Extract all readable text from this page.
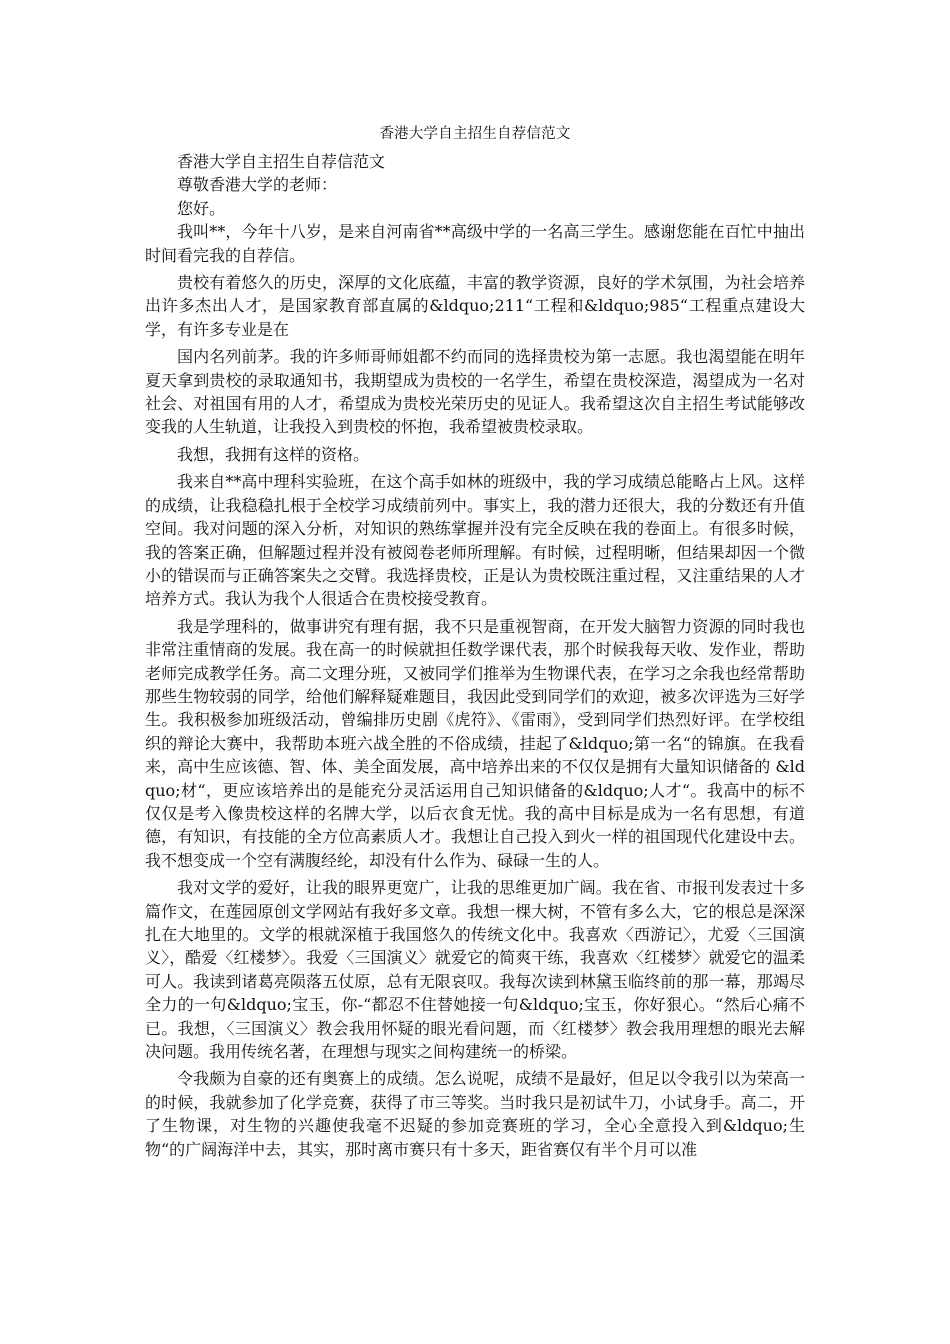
香港大学自主招生自荐信范文

香港大学自主招生自荐信范文

尊敬香港大学的老师：

您好。

我叫**，今年十八岁，是来自河南省**高级中学的一名高三学生。感谢您能在百忙中抽出时间看完我的自荐信。

贵校有着悠久的历史，深厚的文化底蕴，丰富的教学资源，良好的学术氛围，为社会培养出许多杰出人才，是国家教育部直属的&ldquo;211“工程和&ldquo;985“工程重点建设大学，有许多专业是在

国内名列前茅。我的许多师哥师姐都不约而同的选择贵校为第一志愿。我也渴望能在明年夏天拿到贵校的录取通知书，我期望成为贵校的一名学生，希望在贵校深造，渴望成为一名对社会、对祖国有用的人才，希望成为贵校光荣历史的见证人。我希望这次自主招生考试能够改变我的人生轨道，让我投入到贵校的怀抱，我希望被贵校录取。

我想，我拥有这样的资格。

我来自**高中理科实验班，在这个高手如林的班级中，我的学习成绩总能略占上风。这样的成绩，让我稳稳扎根于全校学习成绩前列中。事实上，我的潜力还很大，我的分数还有升值空间。我对问题的深入分析，对知识的熟练掌握并没有完全反映在我的卷面上。有很多时候，我的答案正确，但解题过程并没有被阅卷老师所理解。有时候，过程明晰，但结果却因一个微小的错误而与正确答案失之交臂。我选择贵校，正是认为贵校既注重过程，又注重结果的人才培养方式。我认为我个人很适合在贵校接受教育。

我是学理科的，做事讲究有理有据，我不只是重视智商，在开发大脑智力资源的同时我也非常注重情商的发展。我在高一的时候就担任数学课代表，那个时候我每天收、发作业，帮助老师完成教学任务。高二文理分班，又被同学们推举为生物课代表，在学习之余我也经常帮助那些生物较弱的同学，给他们解释疑难题目，我因此受到同学们的欢迎，被多次评选为三好学生。我积极参加班级活动，曾编排历史剧《虎符》、《雷雨》，受到同学们热烈好评。在学校组织的辩论大赛中，我帮助本班六战全胜的不俗成绩，挂起了&ldquo;第一名“的锦旗。在我看来，高中生应该德、智、体、美全面发展，高中培养出来的不仅仅是拥有大量知识储备的 &ldquo;材“，更应该培养出的是能充分灵活运用自己知识储备的&ldquo;人才“。我高中的标不仅仅是考入像贵校这样的名牌大学，以后衣食无忧。我的高中目标是成为一名有思想，有道德，有知识，有技能的全方位高素质人才。我想让自己投入到火一样的祖国现代化建设中去。我不想变成一个空有满腹经纶，却没有什么作为、碌碌一生的人。

我对文学的爱好，让我的眼界更宽广，让我的思维更加广阔。我在省、市报刊发表过十多篇作文，在莲园原创文学网站有我好多文章。我想一棵大树，不管有多么大，它的根总是深深扎在大地里的。文学的根就深植于我国悠久的传统文化中。我喜欢〈西游记〉，尤爱〈三国演义〉，酷爱〈红楼梦〉。我爱〈三国演义〉就爱它的简爽干练，我喜欢〈红楼梦〉就爱它的温柔可人。我读到诸葛亮陨落五仗原，总有无限哀叹。我每次读到林黛玉临终前的那一幕，那竭尽全力的一句&ldquo;宝玉，你-“都忍不住替她接一句&ldquo;宝玉，你好狠心。“然后心痛不已。我想，〈三国演义〉教会我用怀疑的眼光看问题，而〈红楼梦〉教会我用理想的眼光去解决问题。我用传统名著，在理想与现实之间构建统一的桥梁。

令我颇为自豪的还有奥赛上的成绩。怎么说呢，成绩不是最好，但足以令我引以为荣高一的时候，我就参加了化学竞赛，获得了市三等奖。当时我只是初试牛刀，小试身手。高二，开了生物课，对生物的兴趣使我毫不迟疑的参加竞赛班的学习，全心全意投入到&ldquo;生物“的广阔海洋中去，其实，那时离市赛只有十多天，距省赛仅有半个月可以准
